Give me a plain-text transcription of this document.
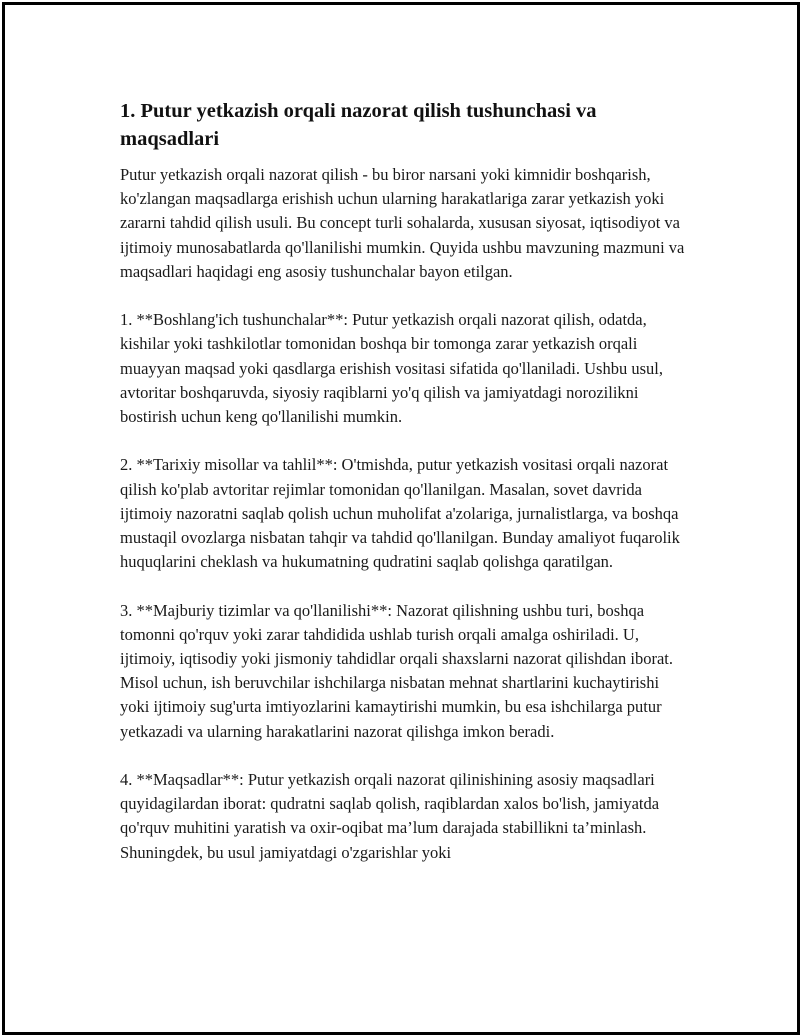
1. Putur yetkazish orqali nazorat qilish tushunchasi va maqsadlari

Putur yetkazish orqali nazorat qilish - bu biror narsani yoki kimnidir boshqarish, ko'zlangan maqsadlarga erishish uchun ularning harakatlariga zarar yetkazish yoki zararni tahdid qilish usuli. Bu concept turli sohalarda, xususan siyosat, iqtisodiyot va ijtimoiy munosabatlarda qo'llanilishi mumkin. Quyida ushbu mavzuning mazmuni va maqsadlari haqidagi eng asosiy tushunchalar bayon etilgan.

1. **Boshlang'ich tushunchalar**: Putur yetkazish orqali nazorat qilish, odatda, kishilar yoki tashkilotlar tomonidan boshqa bir tomonga zarar yetkazish orqali muayyan maqsad yoki qasdlarga erishish vositasi sifatida qo'llaniladi. Ushbu usul, avtoritar boshqaruvda, siyosiy raqiblarni yo'q qilish va jamiyatdagi norozilikni bostirish uchun keng qo'llanilishi mumkin.

2. **Tarixiy misollar va tahlil**: O'tmishda, putur yetkazish vositasi orqali nazorat qilish ko'plab avtoritar rejimlar tomonidan qo'llanilgan. Masalan, sovet davrida ijtimoiy nazoratni saqlab qolish uchun muholifat a'zolariga, jurnalistlarga, va boshqa mustaqil ovozlarga nisbatan tahqir va tahdid qo'llanilgan. Bunday amaliyot fuqarolik huquqlarini cheklash va hukumatning qudratini saqlab qolishga qaratilgan.

3. **Majburiy tizimlar va qo'llanilishi**: Nazorat qilishning ushbu turi, boshqa tomonni qo'rquv yoki zarar tahdidida ushlab turish orqali amalga oshiriladi. U, ijtimoiy, iqtisodiy yoki jismoniy tahdidlar orqali shaxslarni nazorat qilishdan iborat. Misol uchun, ish beruvchilar ishchilarga nisbatan mehnat shartlarini kuchaytirishi yoki ijtimoiy sug'urta imtiyozlarini kamaytirishi mumkin, bu esa ishchilarga putur yetkazadi va ularning harakatlarini nazorat qilishga imkon beradi.

4. **Maqsadlar**: Putur yetkazish orqali nazorat qilinishining asosiy maqsadlari quyidagilardan iborat: qudratni saqlab qolish, raqiblardan xalos bo'lish, jamiyatda qo'rquv muhitini yaratish va oxir-oqibat ma’lum darajada stabillikni ta’minlash. Shuningdek, bu usul jamiyatdagi o'zgarishlar yoki
